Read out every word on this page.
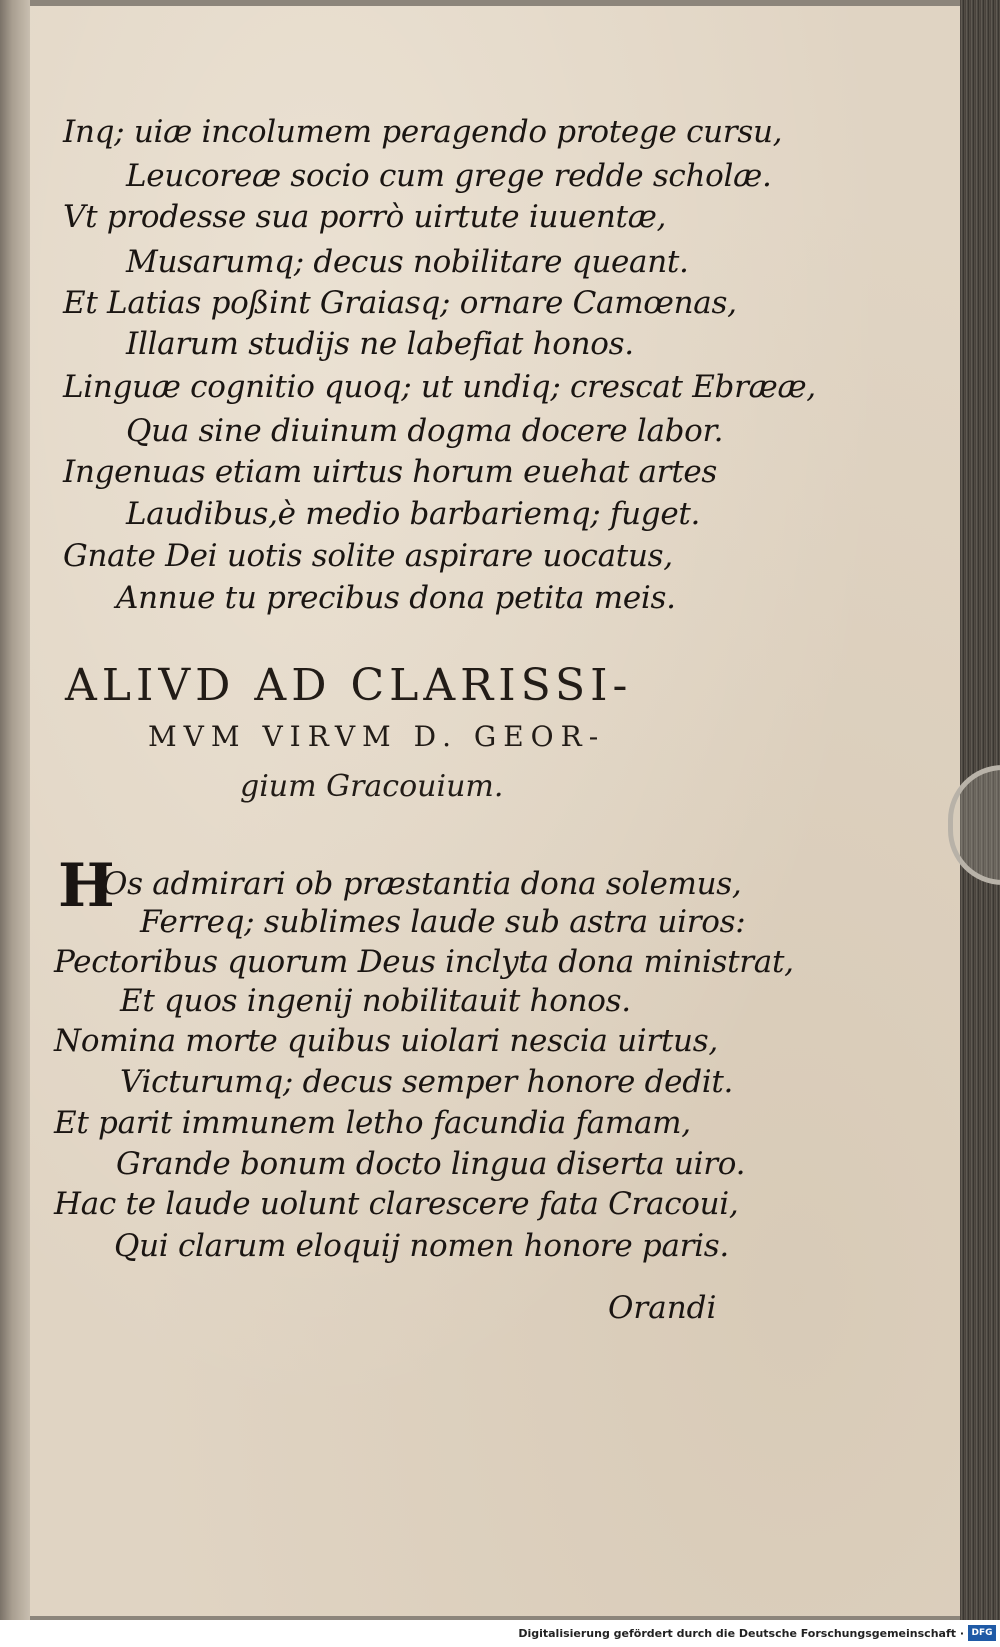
Inq; uiæ incolumem peragendo protege cursu,
Leucoreæ socio cum grege redde scholæ.
Vt prodesse sua porrò uirtute iuuentæ,
Musarumq; decus nobilitare queant.
Et Latias poßint Graiasq; ornare Camœnas,
Illarum studijs ne labefiat honos.
Linguæ cognitio quoq; ut undiq; crescat Ebrææ,
Qua sine diuinum dogma docere labor.
Ingenuas etiam uirtus horum euehat artes
Laudibus,è medio barbariemq; fuget.
Gnate Dei uotis solite aspirare uocatus,
Annue tu precibus dona petita meis.
ALIVD AD CLARISSI-
MVM VIRVM D. GEOR-
gium Gracouium.
H
Os admirari ob præstantia dona solemus,
Ferreq; sublimes laude sub astra uiros:
Pectoribus quorum Deus inclyta dona ministrat,
Et quos ingenij nobilitauit honos.
Nomina morte quibus uiolari nescia uirtus,
Victurumq; decus semper honore dedit.
Et parit immunem letho facundia famam,
Grande bonum docto lingua diserta uiro.
Hac te laude uolunt clarescere fata Cracoui,
Qui clarum eloquij nomen honore paris.
Orandi
Digitalisierung gefördert durch die Deutsche Forschungsgemeinschaft · DFG
